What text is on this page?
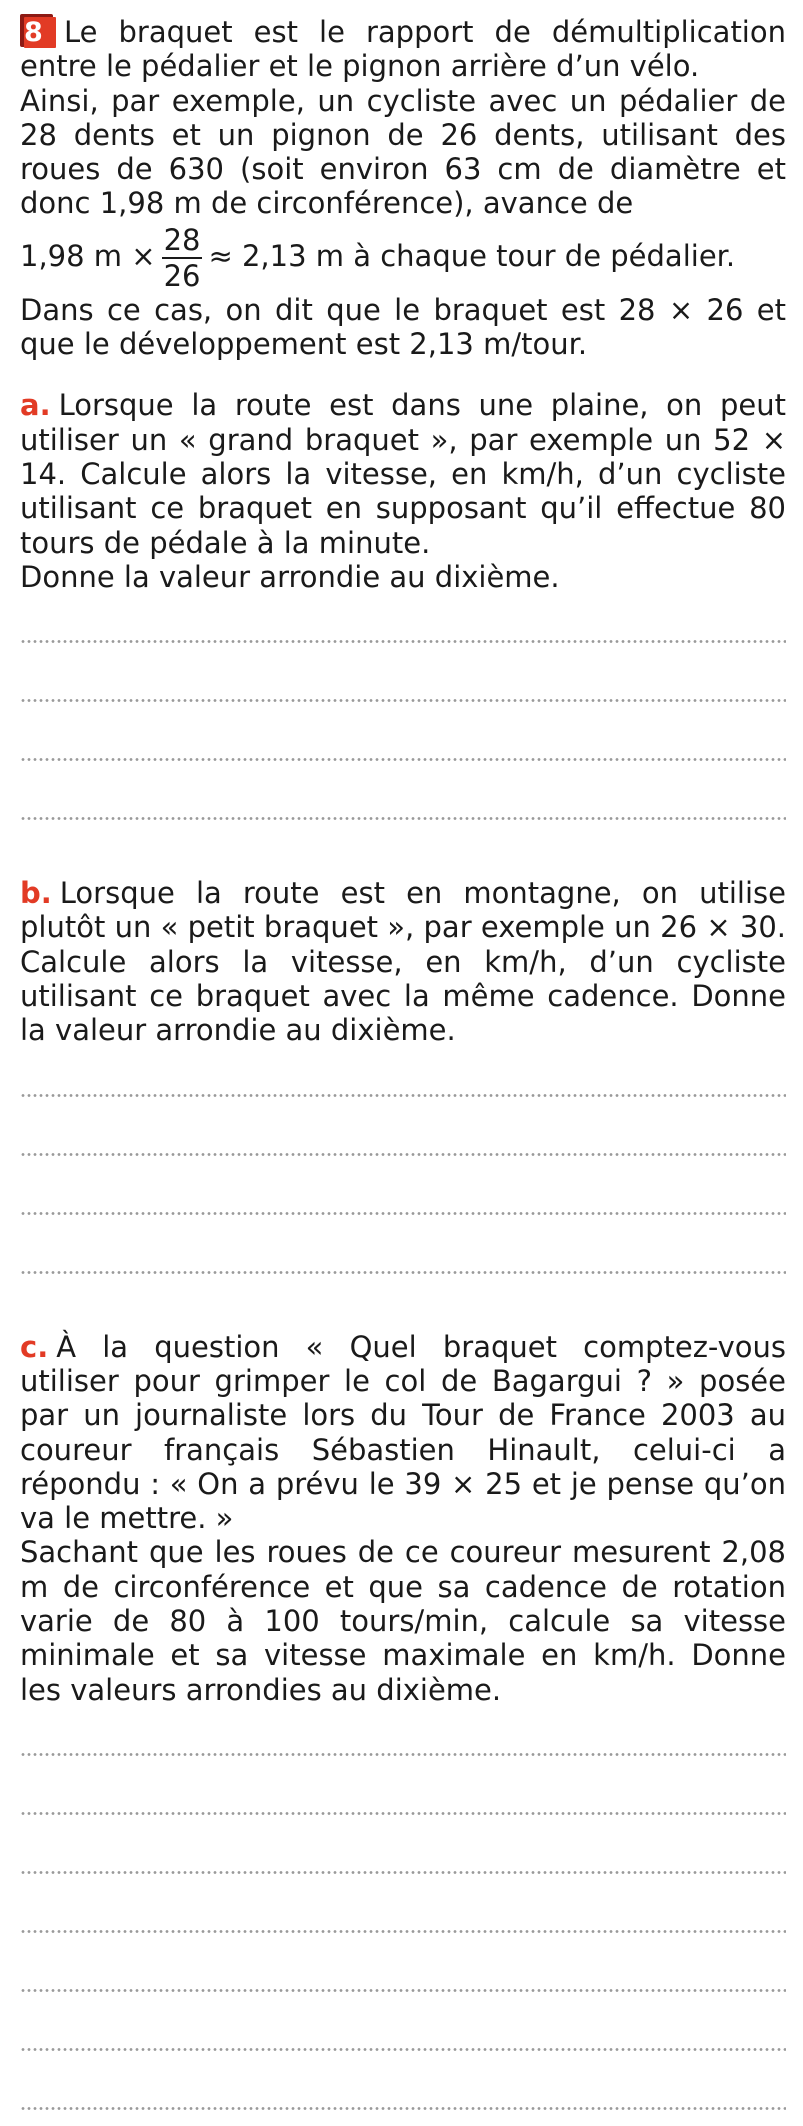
8 Le braquet est le rapport de démultiplication entre le pédalier et le pignon arrière d’un vélo.

Ainsi, par exemple, un cycliste avec un pédalier de 28 dents et un pignon de 26 dents, utilisant des roues de 630 (soit environ 63 cm de diamètre et donc 1,98 m de circonférence), avance de

1,98 $m \times \frac{28}{26} \approx 2,13$ m à chaque tour de pédalier.

Dans ce cas, on dit que le braquet est 28 × 26 et que le développement est 2,13 m/tour.

a. Lorsque la route est dans une plaine, on peut utiliser un « grand braquet », par exemple un 52 × 14. Calcule alors la vitesse, en km/h, d’un cycliste utilisant ce braquet en supposant qu’il effectue 80 tours de pédale à la minute.

Donne la valeur arrondie au dixième.

b. Lorsque la route est en montagne, on utilise plutôt un « petit braquet », par exemple un 26 × 30. Calcule alors la vitesse, en km/h, d’un cycliste utilisant ce braquet avec la même cadence. Donne la valeur arrondie au dixième.

c. À la question « Quel braquet comptez-vous utiliser pour grimper le col de Bagargui ? » posée par un journaliste lors du Tour de France 2003 au coureur français Sébastien Hinault, celui-ci a répondu : « On a prévu le 39 × 25 et je pense qu’on va le mettre. »

Sachant que les roues de ce coureur mesurent 2,08 m de circonférence et que sa cadence de rotation varie de 80 à 100 tours/min, calcule sa vitesse minimale et sa vitesse maximale en km/h. Donne les valeurs arrondies au dixième.
